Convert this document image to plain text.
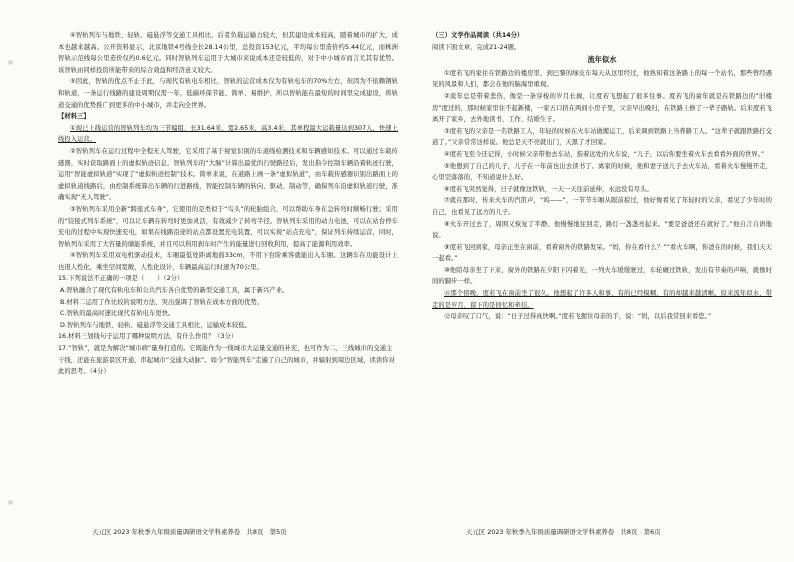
④智轨列车与地铁、轻轨、磁悬浮等交通工具相比，后者负载运输力较大，但其建设成本较高，随着城市的扩大，成本也越来越高。公开资料显示，北京地铁4号线全长28.14公里，总投资153亿元，平均每公里造价约5.44亿元，而株洲智轨示范线每公里造价仅约0.6亿元。同时智轨列车运用于大城市来说成本还是较低的，对于中小城市而言尤其有优势。该智轨由同样投资所能带来的综合效益和经济意义较大。

⑤因此，智轨的优点不止于此，与现代有轨电车相比，智轨的运营成本仅为有轨电车的70%左右，但因为不依赖钢轨和轨道，一条运行线路的建设周期仅需一年，低碳环保节能、简单、易维护，所以智轨能在最短的时间里完成建设，将轨道交通的优势推广到更多的中小城市，并走向全世界。

【材料三】

①现已上线运营的智轨列车均为三节编组，长31.64米，宽2.65米，高3.4米，其单程最大运载量达到307人，快速上线投入运营。

②智轨列车在运行过程中全程无人驾驶，它采用了基于视觉识别的车道线检测技术和车辆感知技术。可以通过车载传感器，实时获取路面上的虚拟轨迹信息，智轨列车的“大脑”计算出最优的行驶路径后，发出指令控制车辆沿着轨迹行驶，运用“智能虚拟轨道”实现了“虚拟轨迹控制”技术。简单来说，在道路上画一条“虚拟轨道”，由车载传感器识别出路面上的虚拟轨道线路后，由控制系统算出车辆的行进路线，智能控制车辆的转向、驱动、制动等，确保列车沿虚拟轨道行驶，准确实现“无人驾驶”。

③智轨列车采用全新“跨座式车身”，它使用的是类似于“鸟头”的轮胎组合，可以帮助车身在急转弯时顺畅行驶；采用的“铰接式列车系统”，可以让车辆在转弯时更加灵活，有效减少了转弯半径。智轨列车采用的动力电池，可以在站台停车充电的过程中实现快速充电，如果在线路沿途的站点都设置充电装置，可以实现“站点充电”，保证列车持续运营，同时，智轨列车采用了大容量的储能系统，并且可以利用刹车时产生的能量进行回收利用，提高了能源利用效率。

④智轨列车采用双电机驱动技术，车厢最低处距离地面33cm，不用下台阶乘客就能出入车厢。这辆车在功能设计上也很人性化，乘坐空间宽敞，人性化设计，车辆最高运行时速为70公里。

15.下列说法不正确的一项是（　　）（2分）

A.智轨融合了现代有轨电车和公共汽车各自优势的新型交通工具，属于新兴产业。

B.材料二运用了作比较的说明方法，突出强调了智轨在成本方面的优势。

C.智轨的最高时速比现代有轨电车更快。

D.智轨列车与地铁、轻轨、磁悬浮等交通工具相比，运输成本较低。

16.材料三划线句子运用了哪种说明方法，有什么作用？（3分）

17.“智轨”，就是为解决“城市病”量身打造的。它既能作为一线城市大运量交通的补充，也可作为二、三线城市的交通主干线，还能在旅游景区开通，串起城市“交通大动脉”。如今“智能列车”走遍了自己的城市，并辐射到周边区域，读读你对此的思考。（4分）

（三）文学作品阅读（共14分）

阅读下面文章，完成21-24题。

流年似水

①度若飞的家住在铁路边的楼房里，到巴黎的绿皮车每天从这里经过，他熟知着这条路上的每一个站名，那些曾经遇见的风景和人们，都会在他的脑海里重现。

②流年总是带着悲伤，像是一条穿梭的岁月长廊，让度若飞想起了很多往事。度若飞的童年就是在铁路边的“旧楼房”度过的，那时候家里住不起新楼，一家五口挤在两间小房子里，父亲早出晚归，在铁路上修了一辈子路轨。后来度若飞离开了家乡，去外地读书、工作、结婚生子。

③度若飞的父亲是一名铁路工人，年轻的时候在火车站做搬运工，后来调到铁路上当养路工人。“这辈子就跟铁路打交道了。”父亲常常这样说。他总是天不亮就出门，天黑了才回家。

④度若飞至今还记得，小时候父亲带他去车站，指着远处的火车说，“儿子，以后你要坐着火车去看看外面的世界。”

⑤他想到了自己的儿子，儿子在一年前也出去读书了。离家的时候，他和妻子送儿子去火车站，看着火车慢慢开走，心里空落落的，不知道说什么好。

⑥度若飞突然觉得，日子就像这铁轨，一天一天往前延伸，永远没有尽头。

⑦就在那时，传来火车的汽笛声，“呜——”，一节节车厢从眼前掠过，他好像看见了年轻时的父亲，看见了少年时的自己，也看见了远方的儿子。

⑧火车开过去了，周围又恢复了平静。他慢慢地往回走，路灯一盏盏亮起来。“要是爸爸还在就好了。”他自言自语地说。

⑨度若飞回到家，母亲正坐在窗前，看着窗外的铁路发呆。“妈，你在看什么？”“看火车啊，你爸在的时候，我们天天一起看。”

⑩他陪母亲坐了下来，窗外的铁路在夕阳下闪着光，一列火车缓缓驶过，车轮碾过铁轨，发出有节奏的声响，就像时间的脚步一样。

⑪那个傍晚，度若飞在窗前坐了很久。他想起了许多人和事，有的已经模糊，有的却越来越清晰。原来流年似水，带走的是岁月，留下的是回忆和牵挂。

⑫母亲叹了口气，说：“日子过得真快啊。”度若飞握住母亲的手，说：“妈，以后我常回来看您。”

天元区 2023 年秋季九年级质量调研语文学科素养卷　共8页　第5页	天元区 2023 年秋季九年级质量调研语文学科素养卷　共8页　第6页
